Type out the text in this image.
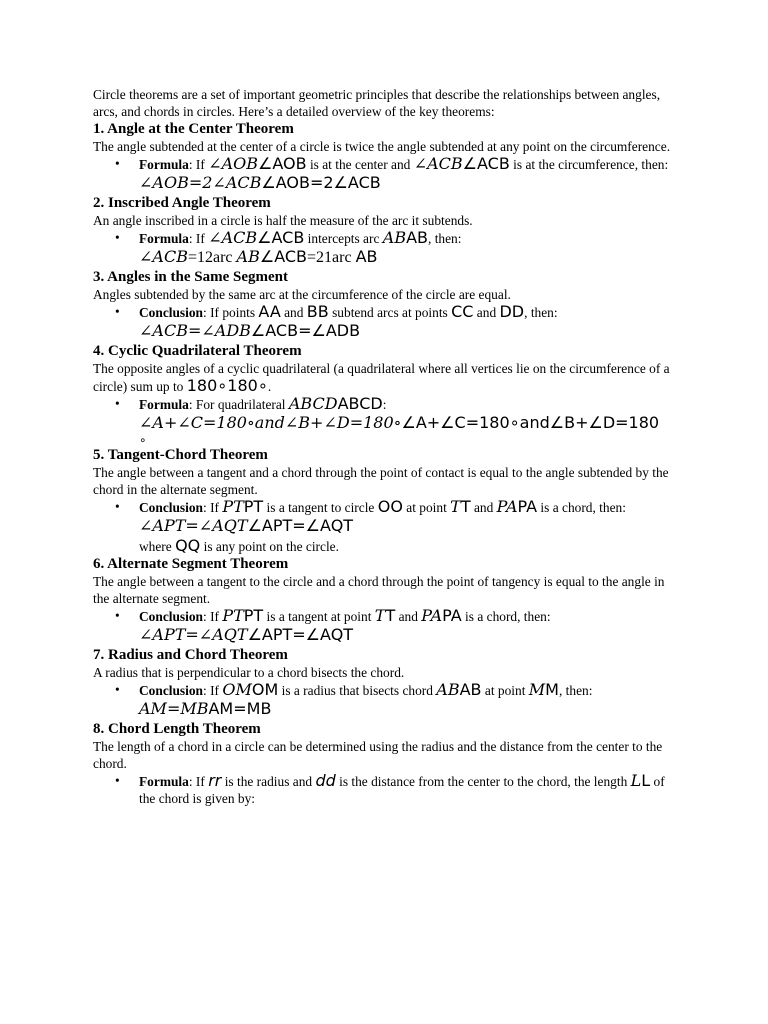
Circle theorems are a set of important geometric principles that describe the relationships between angles, arcs, and chords in circles. Here’s a detailed overview of the key theorems:

1. Angle at the Center Theorem

The angle subtended at the center of a circle is twice the angle subtended at any point on the circumference.

• Formula: If ∠AOB∠AOB is at the center and ∠ACB∠ACB is at the circumference, then:
∠AOB=2∠ACB∠AOB=2∠ACB
2. Inscribed Angle Theorem

An angle inscribed in a circle is half the measure of the arc it subtends.

• Formula: If ∠ACB∠ACB intercepts arc ABAB, then:
∠ACB=12arc AB∠ACB=21arc AB
3. Angles in the Same Segment

Angles subtended by the same arc at the circumference of the circle are equal.

• Conclusion: If points AA and BB subtend arcs at points CC and DD, then:
∠ACB=∠ADB∠ACB=∠ADB
4. Cyclic Quadrilateral Theorem

The opposite angles of a cyclic quadrilateral (a quadrilateral where all vertices lie on the circumference of a circle) sum up to 180∘180∘.

• Formula: For quadrilateral ABCDABCD:
∠A+∠C=180∘and∠B+∠D=180∘∠A+∠C=180∘and∠B+∠D=180
∘
5. Tangent-Chord Theorem

The angle between a tangent and a chord through the point of contact is equal to the angle subtended by the chord in the alternate segment.

• Conclusion: If PTPT is a tangent to circle OO at point TT and PAPA is a chord, then:
∠APT=∠AQT∠APT=∠AQT
where QQ is any point on the circle.
6. Alternate Segment Theorem

The angle between a tangent to the circle and a chord through the point of tangency is equal to the angle in the alternate segment.

• Conclusion: If PTPT is a tangent at point TT and PAPA is a chord, then:
∠APT=∠AQT∠APT=∠AQT
7. Radius and Chord Theorem

A radius that is perpendicular to a chord bisects the chord.

• Conclusion: If OMOM is a radius that bisects chord ABAB at point MM, then:
AM=MBAM=MB
8. Chord Length Theorem

The length of a chord in a circle can be determined using the radius and the distance from the center to the chord.

• Formula: If rr is the radius and dd is the distance from the center to the chord, the length LL of the chord is given by:
